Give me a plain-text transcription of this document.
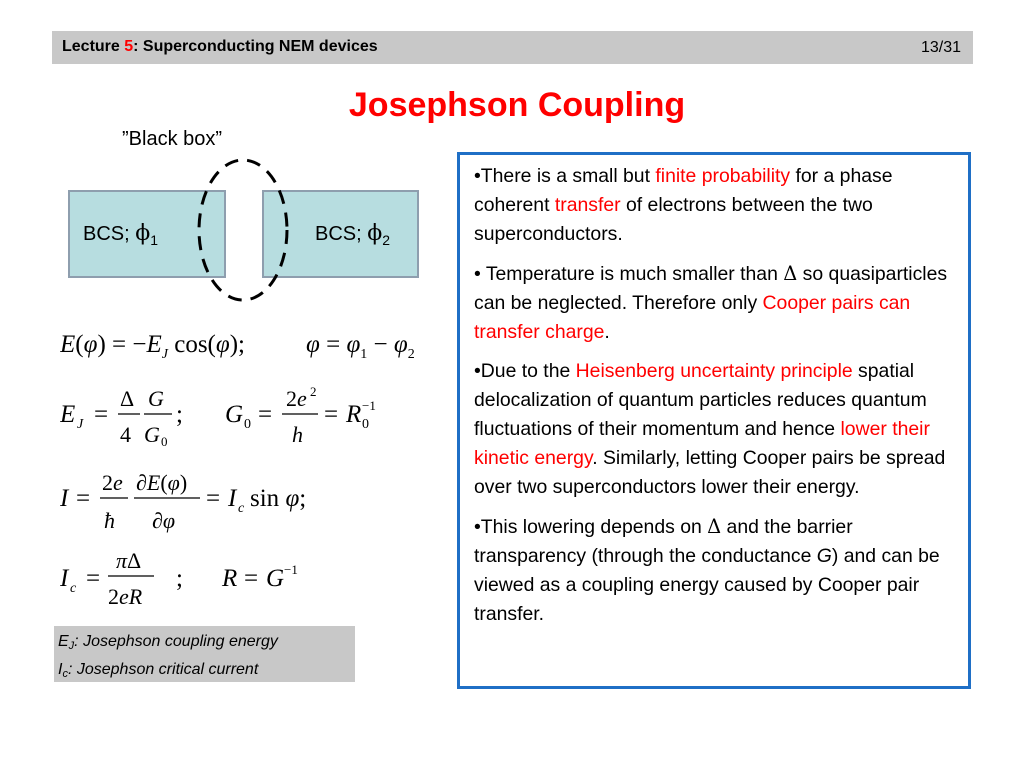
Lecture 5: Superconducting NEM devices	13/31
Josephson Coupling
”Black box”
BCS; $\phi_1$	BCS; $\phi_2$
$E(\varphi) = -E_J$ cos(φ); $\varphi = \varphi_1 - \varphi_2$
E J =
Δ
4
G
G 0
; G 0 =
2e 2
h
= R 0
−1
I =
2e
ħ
∂E(φ)
∂φ
= I c sin φ;
I c =
πΔ
2eR
; R = G −1
EJ: Josephson coupling energy
Ic: Josephson critical current

•There is a small but finite probability for a phase coherent transfer of electrons between the two superconductors.

• Temperature is much smaller than Δ so quasiparticles can be neglected. Therefore only Cooper pairs can transfer charge.

•Due to the Heisenberg uncertainty principle spatial delocalization of quantum particles reduces quantum fluctuations of their momentum and hence lower their kinetic energy. Similarly, letting Cooper pairs be spread over two superconductors lower their energy.

•This lowering depends on Δ and the barrier transparency (through the conductance G) and can be viewed as a coupling energy caused by Cooper pair transfer.
